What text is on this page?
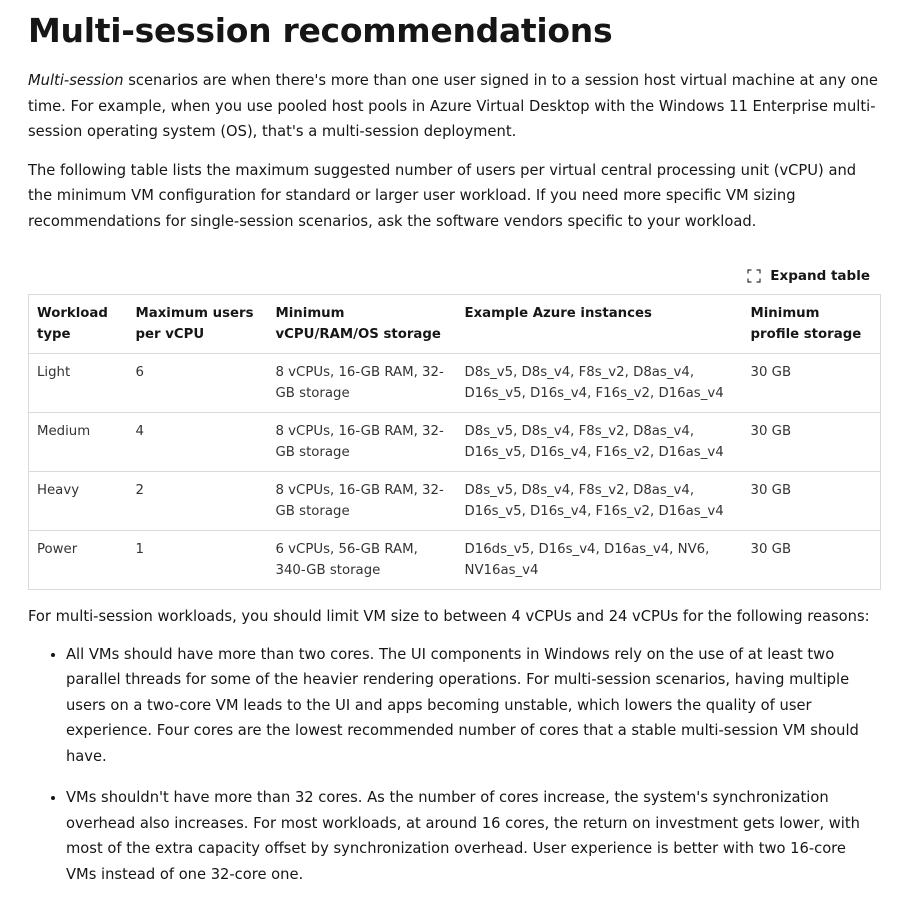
Multi-session recommendations

Multi-session scenarios are when there's more than one user signed in to a session host virtual machine at any one time. For example, when you use pooled host pools in Azure Virtual Desktop with the Windows 11 Enterprise multi-session operating system (OS), that's a multi-session deployment.

The following table lists the maximum suggested number of users per virtual central processing unit (vCPU) and the minimum VM configuration for standard or larger user workload. If you need more specific VM sizing recommendations for single-session scenarios, ask the software vendors specific to your workload.

Expand table
Workload type	Maximum users per vCPU	Minimum vCPU/RAM/OS storage	Example Azure instances	Minimum profile storage
Light	6	8 vCPUs, 16-GB RAM, 32-GB storage	D8s_v5, D8s_v4, F8s_v2, D8as_v4, D16s_v5, D16s_v4, F16s_v2, D16as_v4	30 GB
Medium	4	8 vCPUs, 16-GB RAM, 32-GB storage	D8s_v5, D8s_v4, F8s_v2, D8as_v4, D16s_v5, D16s_v4, F16s_v2, D16as_v4	30 GB
Heavy	2	8 vCPUs, 16-GB RAM, 32-GB storage	D8s_v5, D8s_v4, F8s_v2, D8as_v4, D16s_v5, D16s_v4, F16s_v2, D16as_v4	30 GB
Power	1	6 vCPUs, 56-GB RAM, 340-GB storage	D16ds_v5, D16s_v4, D16as_v4, NV6, NV16as_v4	30 GB

For multi-session workloads, you should limit VM size to between 4 vCPUs and 24 vCPUs for the following reasons:

• All VMs should have more than two cores. The UI components in Windows rely on the use of at least two parallel threads for some of the heavier rendering operations. For multi-session scenarios, having multiple users on a two-core VM leads to the UI and apps becoming unstable, which lowers the quality of user experience. Four cores are the lowest recommended number of cores that a stable multi-session VM should have.
• VMs shouldn't have more than 32 cores. As the number of cores increase, the system's synchronization overhead also increases. For most workloads, at around 16 cores, the return on investment gets lower, with most of the extra capacity offset by synchronization overhead. User experience is better with two 16-core VMs instead of one 32-core one.
